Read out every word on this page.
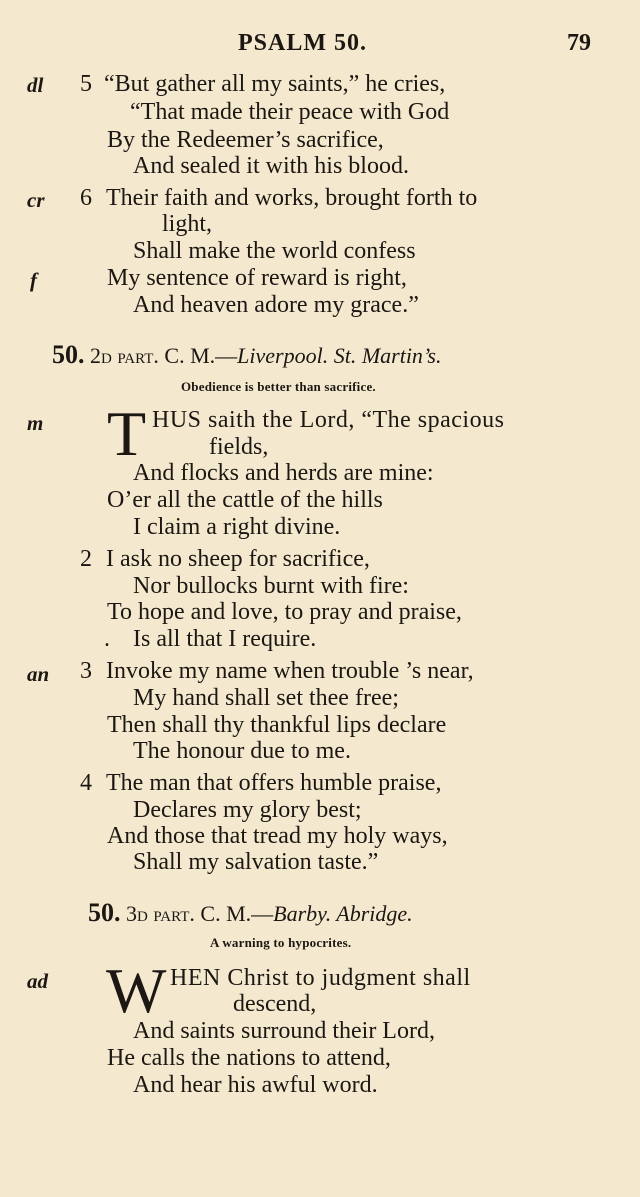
PSALM 50.	79
dl 5 “But gather all my saints,” he cries,
“That made their peace with God
By the Redeemer’s sacrifice,
And sealed it with his blood.
cr 6 Their faith and works, brought forth to
light,
Shall make the world confess
f	My sentence of reward is right,
And heaven adore my grace.”
50. 2d part. C. M.—Liverpool. St. Martin’s.
Obedience is better than sacrifice.
m T HUS saith the Lord, “The spacious
fields,
And flocks and herds are mine:
O’er all the cattle of the hills
I claim a right divine.
2 I ask no sheep for sacrifice,
Nor bullocks burnt with fire:
To hope and love, to pray and praise,
. Is all that I require.
an 3 Invoke my name when trouble ’s near,
My hand shall set thee free;
Then shall thy thankful lips declare
The honour due to me.
4 The man that offers humble praise,
Declares my glory best;
And those that tread my holy ways,
Shall my salvation taste.”
50. 3d part. C. M.—Barby. Abridge.
A warning to hypocrites.
ad W HEN Christ to judgment shall
descend,
And saints surround their Lord,
He calls the nations to attend,
And hear his awful word.
